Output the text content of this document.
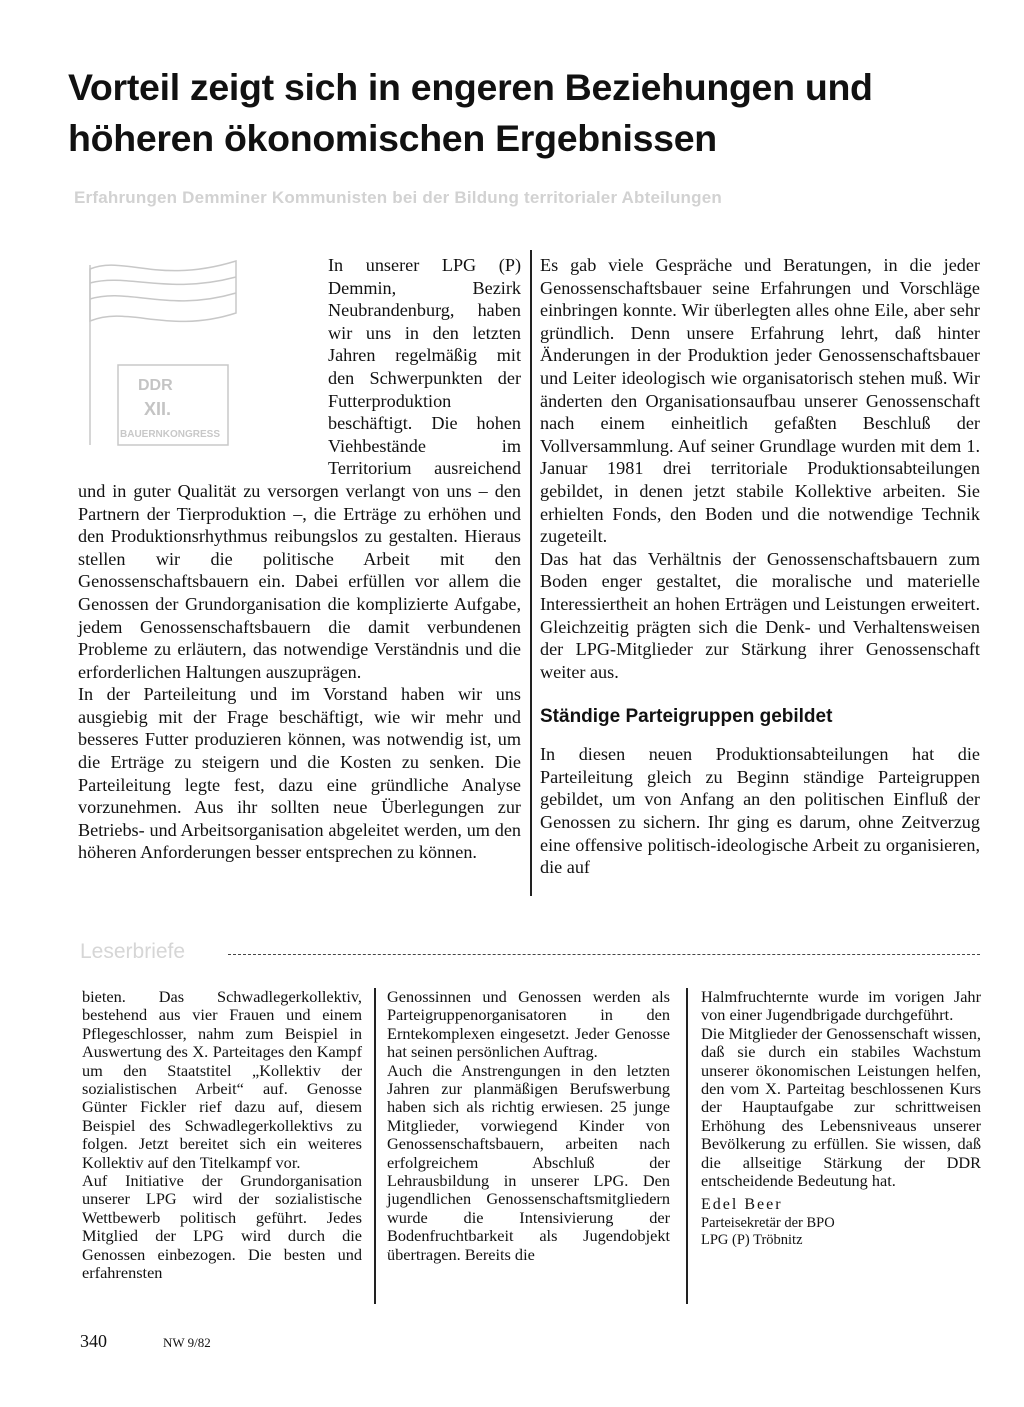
Vorteil zeigt sich in engeren Beziehungen und höheren ökonomischen Ergebnissen
Erfahrungen Demminer Kommunisten bei der Bildung territorialer Abteilungen
DDR
XII.
BAUERNKONGRESS

In unserer LPG (P) Demmin, Bezirk Neubrandenburg, haben wir uns in den letzten Jahren regelmäßig mit den Schwerpunkten der Futterproduktion beschäftigt. Die hohen Viehbestände im Territorium ausreichend und in guter Qualität zu versorgen verlangt von uns – den Partnern der Tierproduktion –, die Erträge zu erhöhen und den Produktionsrhythmus reibungslos zu gestalten. Hieraus stellen wir die politische Arbeit mit den Genossenschaftsbauern ein. Dabei erfüllen vor allem die Genossen der Grundorganisation die komplizierte Aufgabe, jedem Genossenschaftsbauern die damit verbundenen Probleme zu erläutern, das notwendige Verständnis und die erforderlichen Haltungen auszuprägen.

In der Parteileitung und im Vorstand haben wir uns ausgiebig mit der Frage beschäftigt, wie wir mehr und besseres Futter produzieren können, was notwendig ist, um die Erträge zu steigern und die Kosten zu senken. Die Parteileitung legte fest, dazu eine gründliche Analyse vorzunehmen. Aus ihr sollten neue Überlegungen zur Betriebs- und Arbeitsorganisation abgeleitet werden, um den höheren Anforderungen besser entsprechen zu können.

Es gab viele Gespräche und Beratungen, in die jeder Genossenschaftsbauer seine Erfahrungen und Vorschläge einbringen konnte. Wir überlegten alles ohne Eile, aber sehr gründlich. Denn unsere Erfahrung lehrt, daß hinter Änderungen in der Produktion jeder Genossenschaftsbauer und Leiter ideologisch wie organisatorisch stehen muß. Wir änderten den Organisationsaufbau unserer Genossenschaft nach einem einheitlich gefaßten Beschluß der Vollversammlung. Auf seiner Grundlage wurden mit dem 1. Januar 1981 drei territoriale Produktionsabteilungen gebildet, in denen jetzt stabile Kollektive arbeiten. Sie erhielten Fonds, den Boden und die notwendige Technik zugeteilt.

Das hat das Verhältnis der Genossenschaftsbauern zum Boden enger gestaltet, die moralische und materielle Interessiertheit an hohen Erträgen und Leistungen erweitert. Gleichzeitig prägten sich die Denk- und Verhaltensweisen der LPG-Mitglieder zur Stärkung ihrer Genossenschaft weiter aus.

Ständige Parteigruppen gebildet

In diesen neuen Produktionsabteilungen hat die Parteileitung gleich zu Beginn ständige Parteigruppen gebildet, um von Anfang an den politischen Einfluß der Genossen zu sichern. Ihr ging es darum, ohne Zeitverzug eine offensive politisch-ideologische Arbeit zu organisieren, die auf

Leserbriefe

bieten. Das Schwadlegerkollektiv, bestehend aus vier Frauen und einem Pflegeschlosser, nahm zum Beispiel in Auswertung des X. Parteitages den Kampf um den Staatstitel „Kollektiv der sozialistischen Arbeit“ auf. Genosse Günter Fickler rief dazu auf, diesem Beispiel des Schwadlegerkollektivs zu folgen. Jetzt bereitet sich ein weiteres Kollektiv auf den Titelkampf vor.

Auf Initiative der Grundorganisation unserer LPG wird der sozialistische Wettbewerb politisch geführt. Jedes Mitglied der LPG wird durch die Genossen einbezogen. Die besten und erfahrensten

Genossinnen und Genossen werden als Parteigruppenorganisatoren in den Erntekomplexen eingesetzt. Jeder Genosse hat seinen persönlichen Auftrag.

Auch die Anstrengungen in den letzten Jahren zur planmäßigen Berufswerbung haben sich als richtig erwiesen. 25 junge Mitglieder, vorwiegend Kinder von Genossenschaftsbauern, arbeiten nach erfolgreichem Abschluß der Lehrausbildung in unserer LPG. Den jugendlichen Genossenschaftsmitgliedern wurde die Intensivierung der Bodenfruchtbarkeit als Jugendobjekt übertragen. Bereits die

Halmfruchternte wurde im vorigen Jahr von einer Jugendbrigade durchgeführt.

Die Mitglieder der Genossenschaft wissen, daß sie durch ein stabiles Wachstum unserer ökonomischen Leistungen helfen, den vom X. Parteitag beschlossenen Kurs der Hauptaufgabe zur schrittweisen Erhöhung des Lebensniveaus unserer Bevölkerung zu erfüllen. Sie wissen, daß die allseitige Stärkung der DDR entscheidende Bedeutung hat.

Edel Beer
Parteisekretär der BPO
LPG (P) Tröbnitz
340	NW 9/82
